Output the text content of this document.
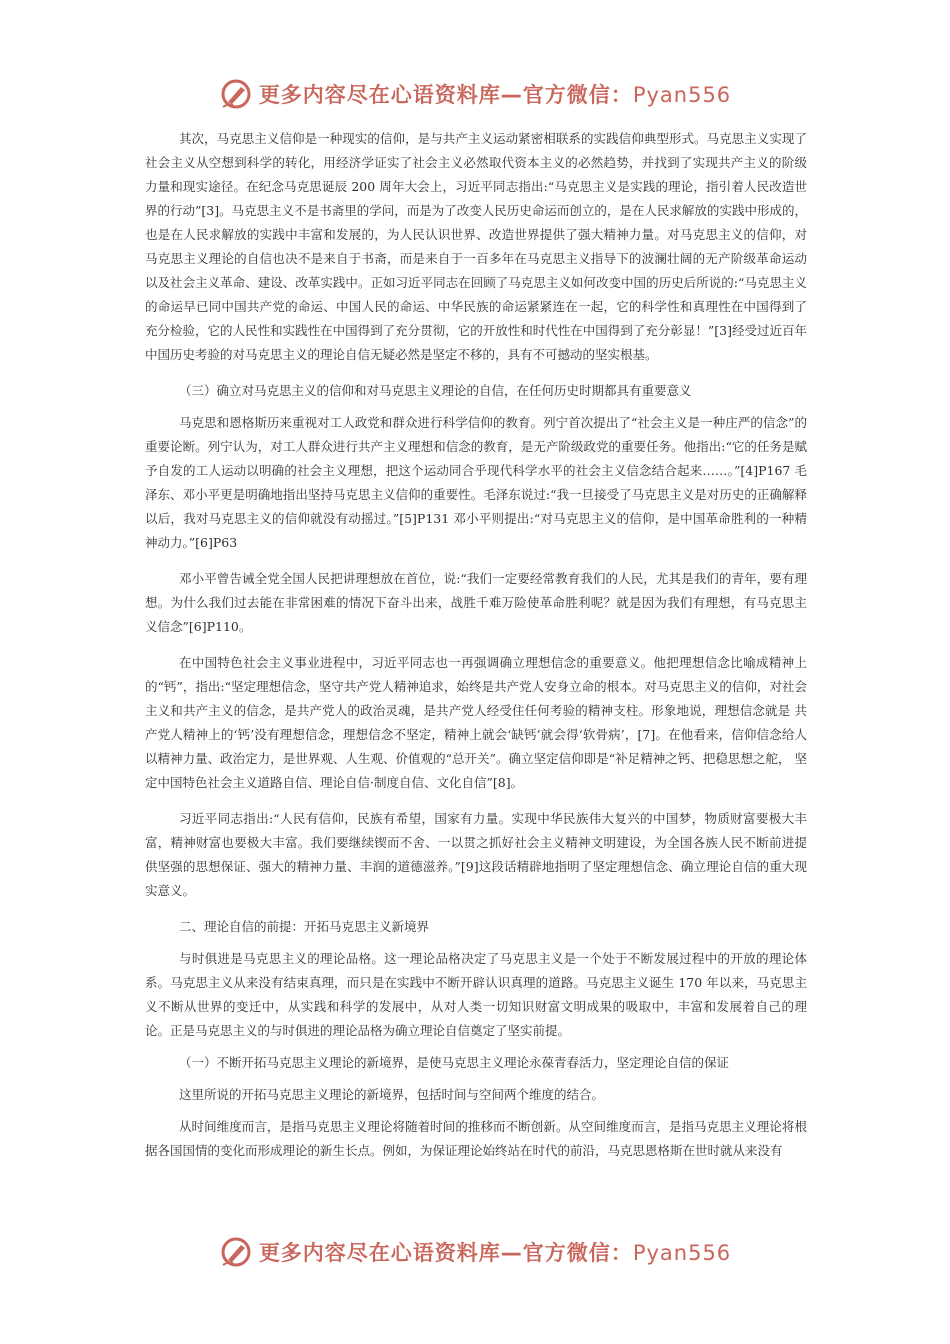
更多内容尽在心语资料库—官方微信：Pyan556

其次，马克思主义信仰是一种现实的信仰，是与共产主义运动紧密相联系的实践信仰典型形式。马克思主义实现了社会主义从空想到科学的转化，用经济学证实了社会主义必然取代资本主义的必然趋势，并找到了实现共产主义的阶级力量和现实途径。在纪念马克思诞辰 200 周年大会上，习近平同志指出:“马克思主义是实践的理论，指引着人民改造世界的行动”[3]。马克思主义不是书斋里的学问，而是为了改变人民历史命运而创立的，是在人民求解放的实践中形成的，也是在人民求解放的实践中丰富和发展的，为人民认识世界、改造世界提供了强大精神力量。对马克思主义的信仰，对马克思主义理论的自信也决不是来自于书斋，而是来自于一百多年在马克思主义指导下的波澜壮阔的无产阶级革命运动以及社会主义革命、建设、改革实践中。正如习近平同志在回顾了马克思主义如何改变中国的历史后所说的:“马克思主义的命运早已同中国共产党的命运、中国人民的命运、中华民族的命运紧紧连在一起，它的科学性和真理性在中国得到了充分检验，它的人民性和实践性在中国得到了充分贯彻，它的开放性和时代性在中国得到了充分彰显！”[3]经受过近百年中国历史考验的对马克思主义的理论自信无疑必然是坚定不移的，具有不可撼动的坚实根基。

（三）确立对马克思主义的信仰和对马克思主义理论的自信，在任何历史时期都具有重要意义

马克思和恩格斯历来重视对工人政党和群众进行科学信仰的教育。列宁首次提出了“社会主义是一种庄严的信念”的重要论断。列宁认为，对工人群众进行共产主义理想和信念的教育，是无产阶级政党的重要任务。他指出:“它的任务是赋予自发的工人运动以明确的社会主义理想，把这个运动同合乎现代科学水平的社会主义信念结合起来……。”[4]P167 毛泽东、邓小平更是明确地指出坚持马克思主义信仰的重要性。毛泽东说过:“我一旦接受了马克思主义是对历史的正确解释以后，我对马克思主义的信仰就没有动摇过。”[5]P131 邓小平则提出:“对马克思主义的信仰，是中国革命胜利的一种精神动力。”[6]P63

邓小平曾告诫全党全国人民把讲理想放在首位，说:“我们一定要经常教育我们的人民，尤其是我们的青年，要有理想。为什么我们过去能在非常困难的情况下奋斗出来，战胜千难万险使革命胜利呢？就是因为我们有理想，有马克思主义信念”[6]P110。

在中国特色社会主义事业进程中，习近平同志也一再强调确立理想信念的重要意义。他把理想信念比喻成精神上的“钙”，指出:“坚定理想信念，坚守共产党人精神追求，始终是共产党人安身立命的根本。对马克思主义的信仰，对社会主义和共产主义的信念，是共产党人的政治灵魂，是共产党人经受住任何考验的精神支柱。形象地说，理想信念就是 共产党人精神上的‘钙’没有理想信念，理想信念不坚定，精神上就会‘缺钙’就会得‘软骨病’，[7]。在他看来，信仰信念给人以精神力量、政治定力，是世界观、人生观、价值观的“总开关”。确立坚定信仰即是“补足精神之钙、把稳思想之舵， 坚定中国特色社会主义道路自信、理论自信·制度自信、文化自信”[8]。

习近平同志指出:“人民有信仰，民族有希望，国家有力量。实现中华民族伟大复兴的中国梦，物质财富要极大丰富，精神财富也要极大丰富。我们要继续锲而不舍、一以贯之抓好社会主义精神文明建设，为全国各族人民不断前进提供坚强的思想保证、强大的精神力量、丰润的道德滋养。”[9]这段话精辟地指明了坚定理想信念、确立理论自信的重大现实意义。

二、理论自信的前提：开拓马克思主义新境界

与时俱进是马克思主义的理论品格。这一理论品格决定了马克思主义是一个处于不断发展过程中的开放的理论体 系。马克思主义从来没有结束真理，而只是在实践中不断开辟认识真理的道路。马克思主义诞生 170 年以来，马克思主义不断从世界的变迁中，从实践和科学的发展中，从对人类一切知识财富文明成果的吸取中，丰富和发展着自己的理论。正是马克思主义的与时俱进的理论品格为确立理论自信奠定了坚实前提。

（一）不断开拓马克思主义理论的新境界，是使马克思主义理论永葆青春活力，坚定理论自信的保证

这里所说的开拓马克思主义理论的新境界，包括时间与空间两个维度的结合。

从时间维度而言，是指马克思主义理论将随着时间的推移而不断创新。从空间维度而言，是指马克思主义理论将根据各国国情的变化而形成理论的新生长点。例如，为保证理论始终站在时代的前沿，马克思恩格斯在世时就从来没有

更多内容尽在心语资料库—官方微信：Pyan556
